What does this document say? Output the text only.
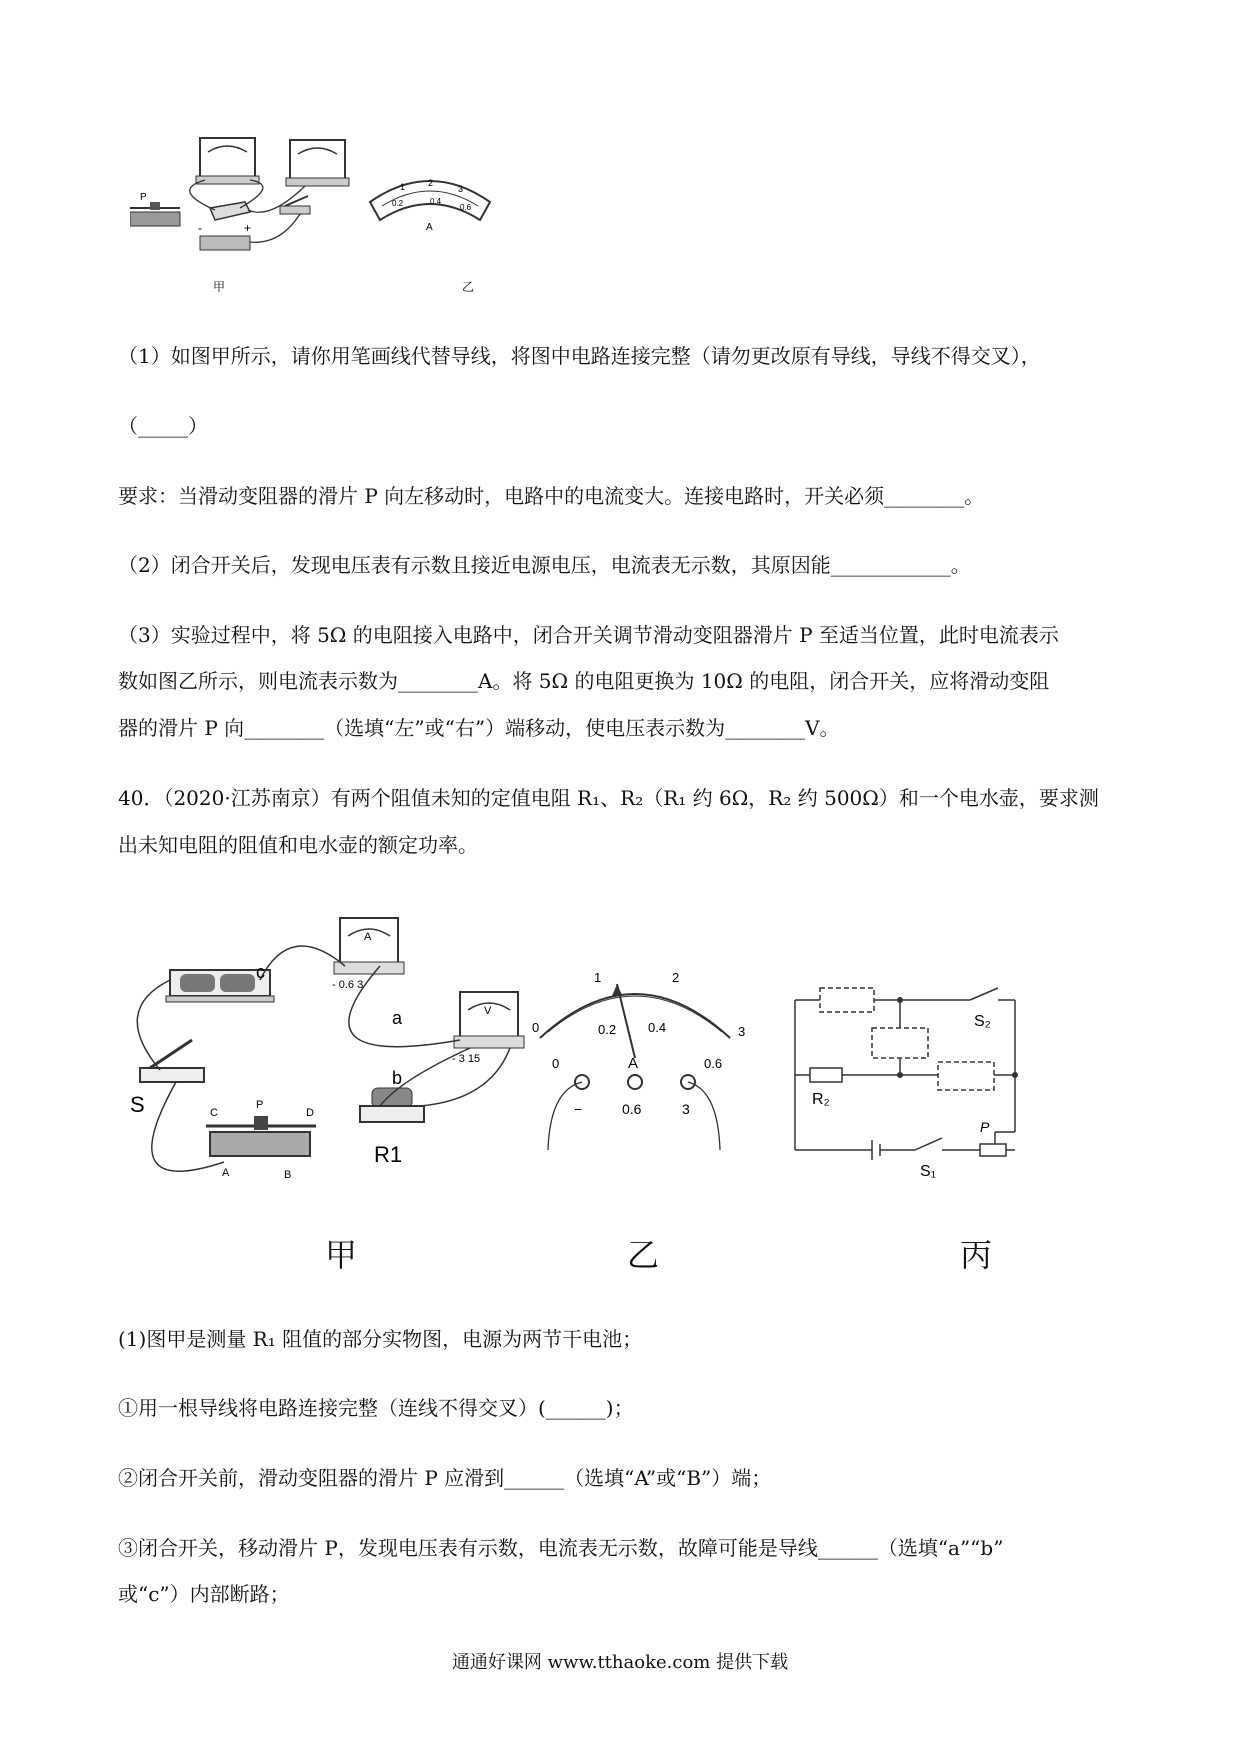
P
-	+
1	2
3
0.2	0.4
0.6
A
甲	乙
（1）如图甲所示，请你用笔画线代替导线，将图中电路连接完整（请勿更改原有导线，导线不得交叉），
（_____）
要求：当滑动变阻器的滑片 P 向左移动时，电路中的电流变大。连接电路时，开关必须________。
（2）闭合开关后，发现电压表有示数且接近电源电压，电流表无示数，其原因能____________。
（3）实验过程中，将 5Ω 的电阻接入电路中，闭合开关调节滑动变阻器滑片 P 至适当位置，此时电流表示
数如图乙所示，则电流表示数为________A。将 5Ω 的电阻更换为 10Ω 的电阻，闭合开关，应将滑动变阻
器的滑片 P 向________（选填“左”或“右”）端移动，使电压表示数为________V。
40．（2020·江苏南京）有两个阻值未知的定值电阻 R₁、R₂（R₁ 约 6Ω，R₂ 约 500Ω）和一个电水壶，要求测
出未知电阻的阻值和电水壶的额定功率。
A
- 0.6 3
V
- 3 15
S	C
P
D
A	B
R1
c
a
b
0
1	2
3
0
0.2 0.4
0.6
A
−	0.6	3
S₂
R₂
P
S₁
甲	乙	丙
(1)图甲是测量 R₁ 阻值的部分实物图，电源为两节干电池；
①用一根导线将电路连接完整（连线不得交叉）(______)；
②闭合开关前，滑动变阻器的滑片 P 应滑到______（选填“A”或“B”）端；
③闭合开关，移动滑片 P，发现电压表有示数，电流表无示数，故障可能是导线______（选填“a”“b”
或“c”）内部断路；
通通好课网 www.tthaoke.com 提供下载
